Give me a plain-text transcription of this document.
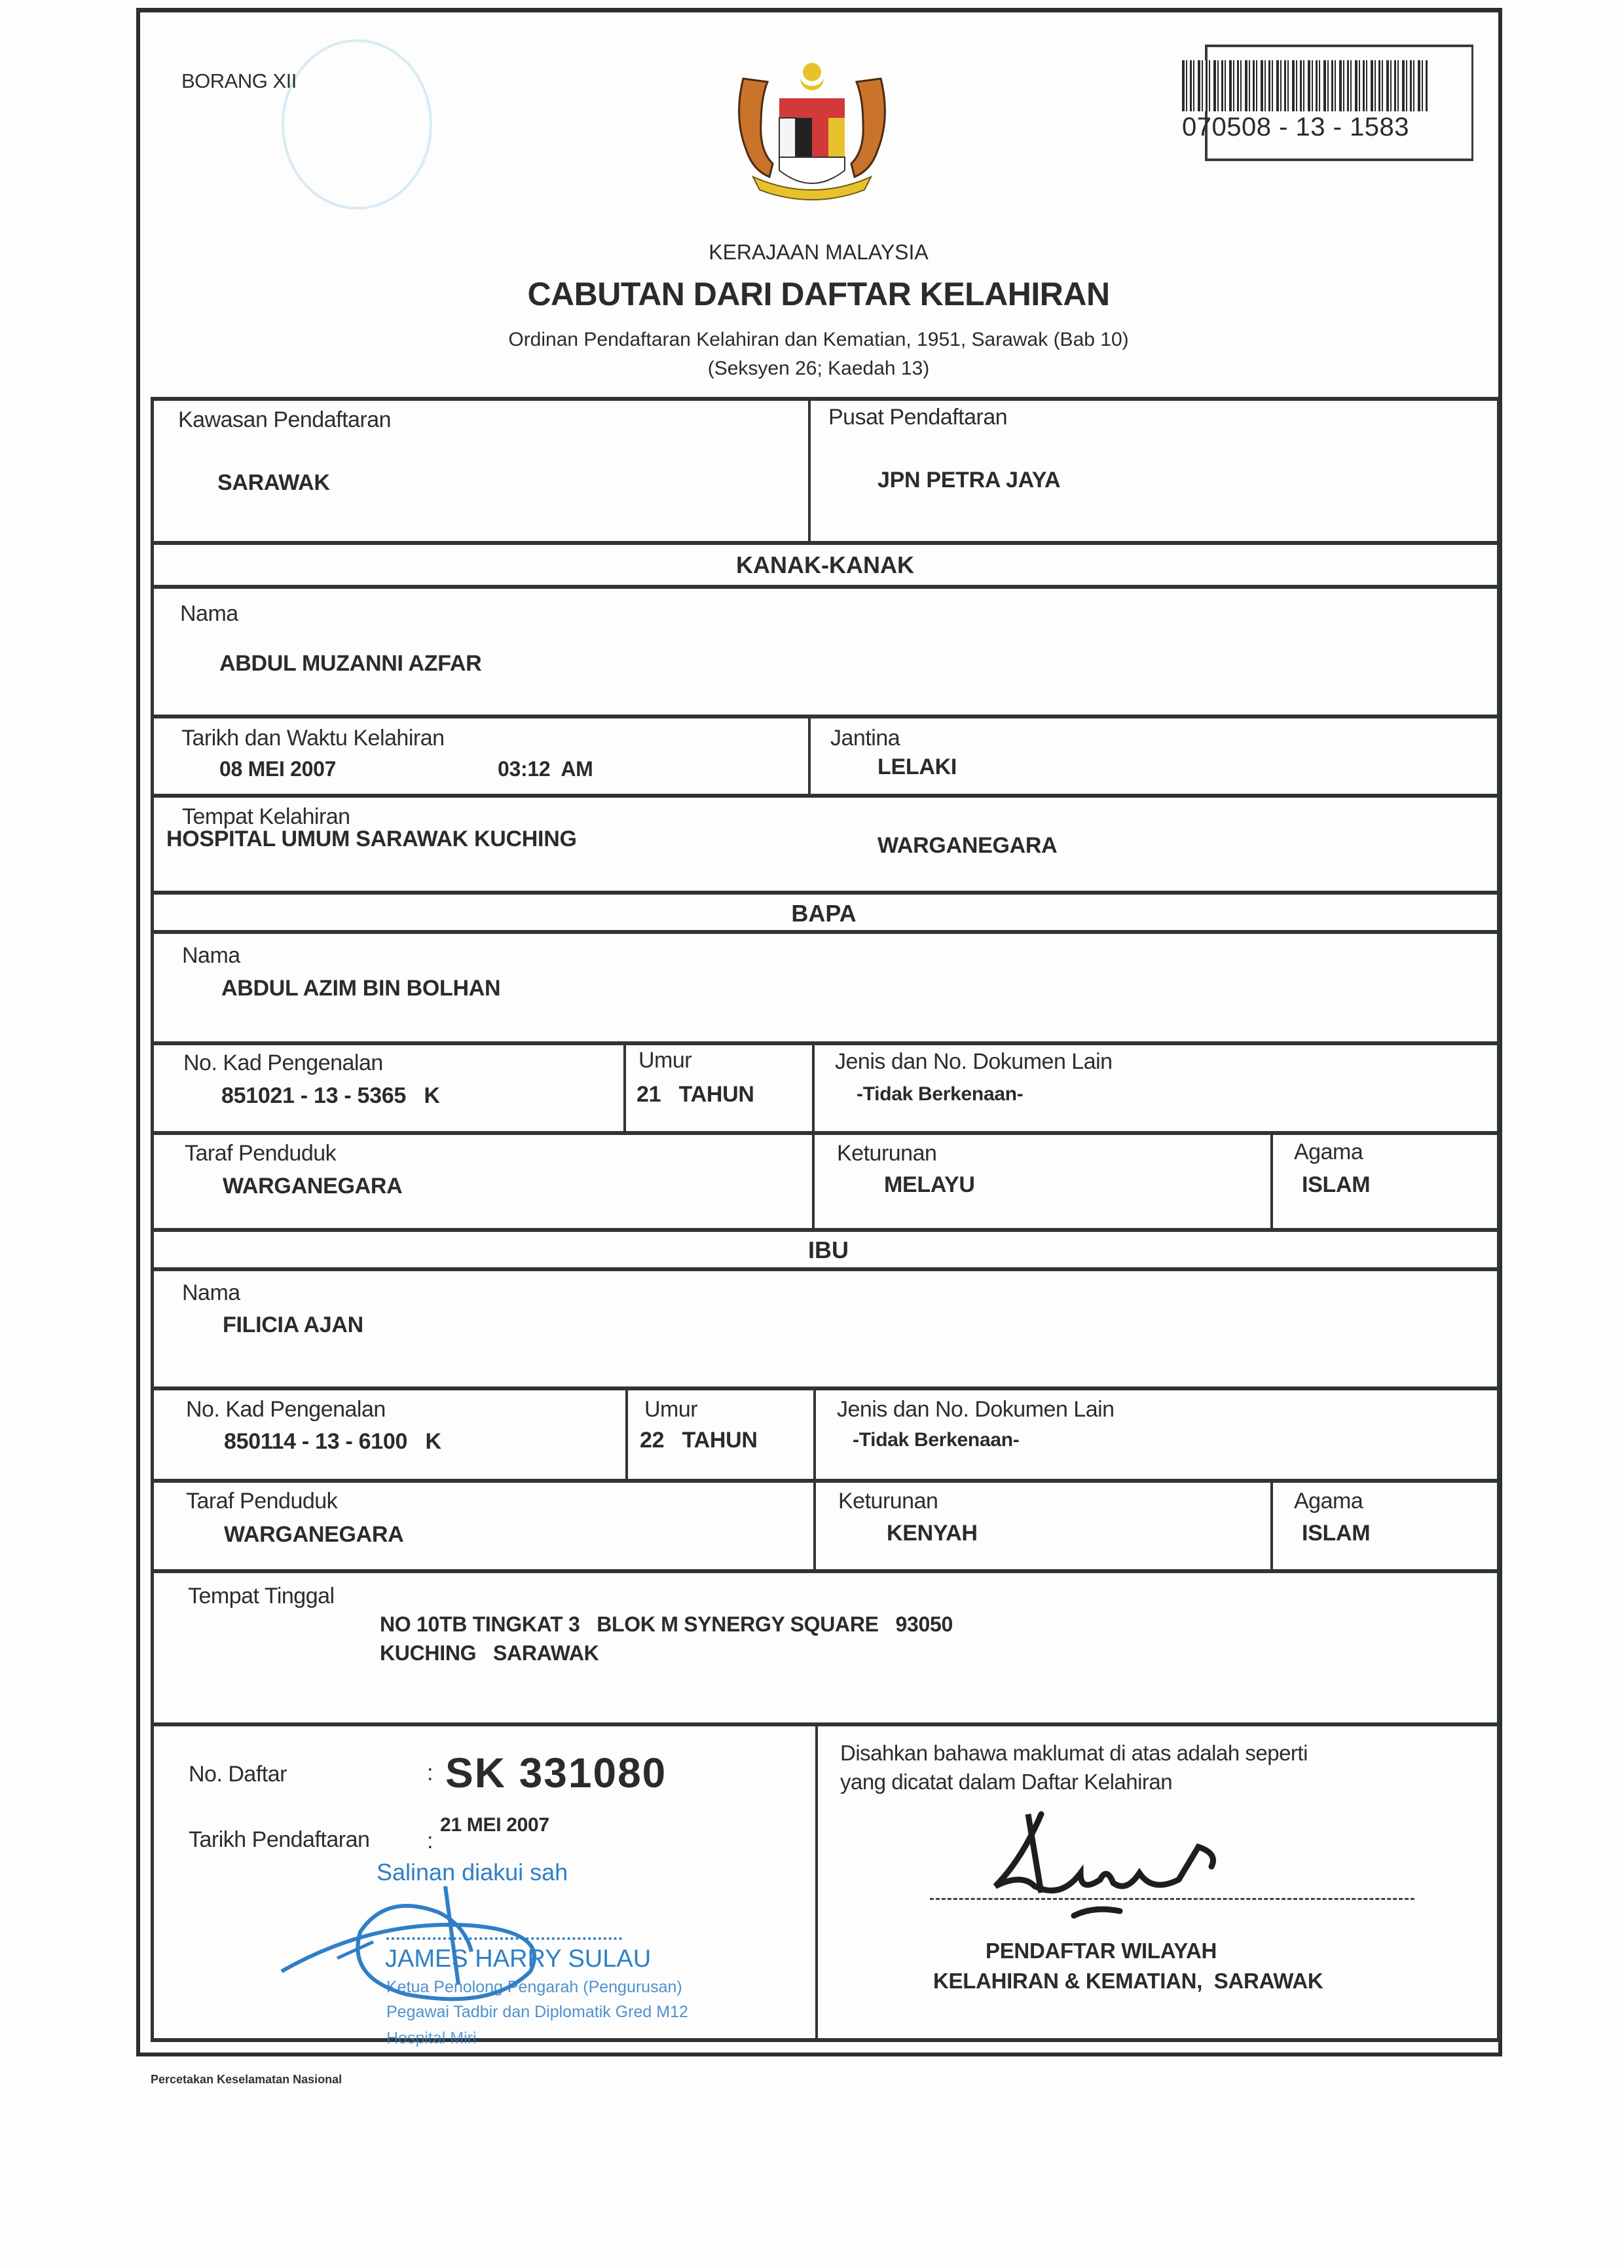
BORANG XII
070508 - 13 - 1583
KERAJAAN MALAYSIA
CABUTAN DARI DAFTAR KELAHIRAN
Ordinan Pendaftaran Kelahiran dan Kematian, 1951, Sarawak (Bab 10)
(Seksyen 26; Kaedah 13)
Kawasan Pendaftaran
SARAWAK
Pusat Pendaftaran
JPN PETRA JAYA
KANAK-KANAK
Nama
ABDUL MUZANNI AZFAR
Tarikh dan Waktu Kelahiran
08 MEI 2007	03:12  AM
Jantina
LELAKI
Tempat Kelahiran
HOSPITAL UMUM SARAWAK KUCHING	WARGANEGARA
BAPA
Nama
ABDUL AZIM BIN BOLHAN
No. Kad Pengenalan
851021 - 13 - 5365   K
Umur
21   TAHUN
Jenis dan No. Dokumen Lain
-Tidak Berkenaan-
Taraf Penduduk
WARGANEGARA
Keturunan
MELAYU
Agama
ISLAM
IBU
Nama
FILICIA AJAN
No. Kad Pengenalan
850114 - 13 - 6100   K
Umur
22   TAHUN
Jenis dan No. Dokumen Lain
-Tidak Berkenaan-
Taraf Penduduk
WARGANEGARA
Keturunan
KENYAH
Agama
ISLAM
Tempat Tinggal
NO 10TB TINGKAT 3   BLOK M SYNERGY SQUARE   93050
KUCHING   SARAWAK
No. Daftar	: SK 331080
Tarikh Pendaftaran	:
21 MEI 2007
Salinan diakui sah
JAMES HARRY SULAU
Ketua Penolong Pengarah (Pengurusan)
Pegawai Tadbir dan Diplomatik Gred M12
Hospital Miri
Disahkan bahawa maklumat di atas adalah seperti
yang dicatat dalam Daftar Kelahiran
PENDAFTAR WILAYAH
KELAHIRAN & KEMATIAN,  SARAWAK
Percetakan Keselamatan Nasional
